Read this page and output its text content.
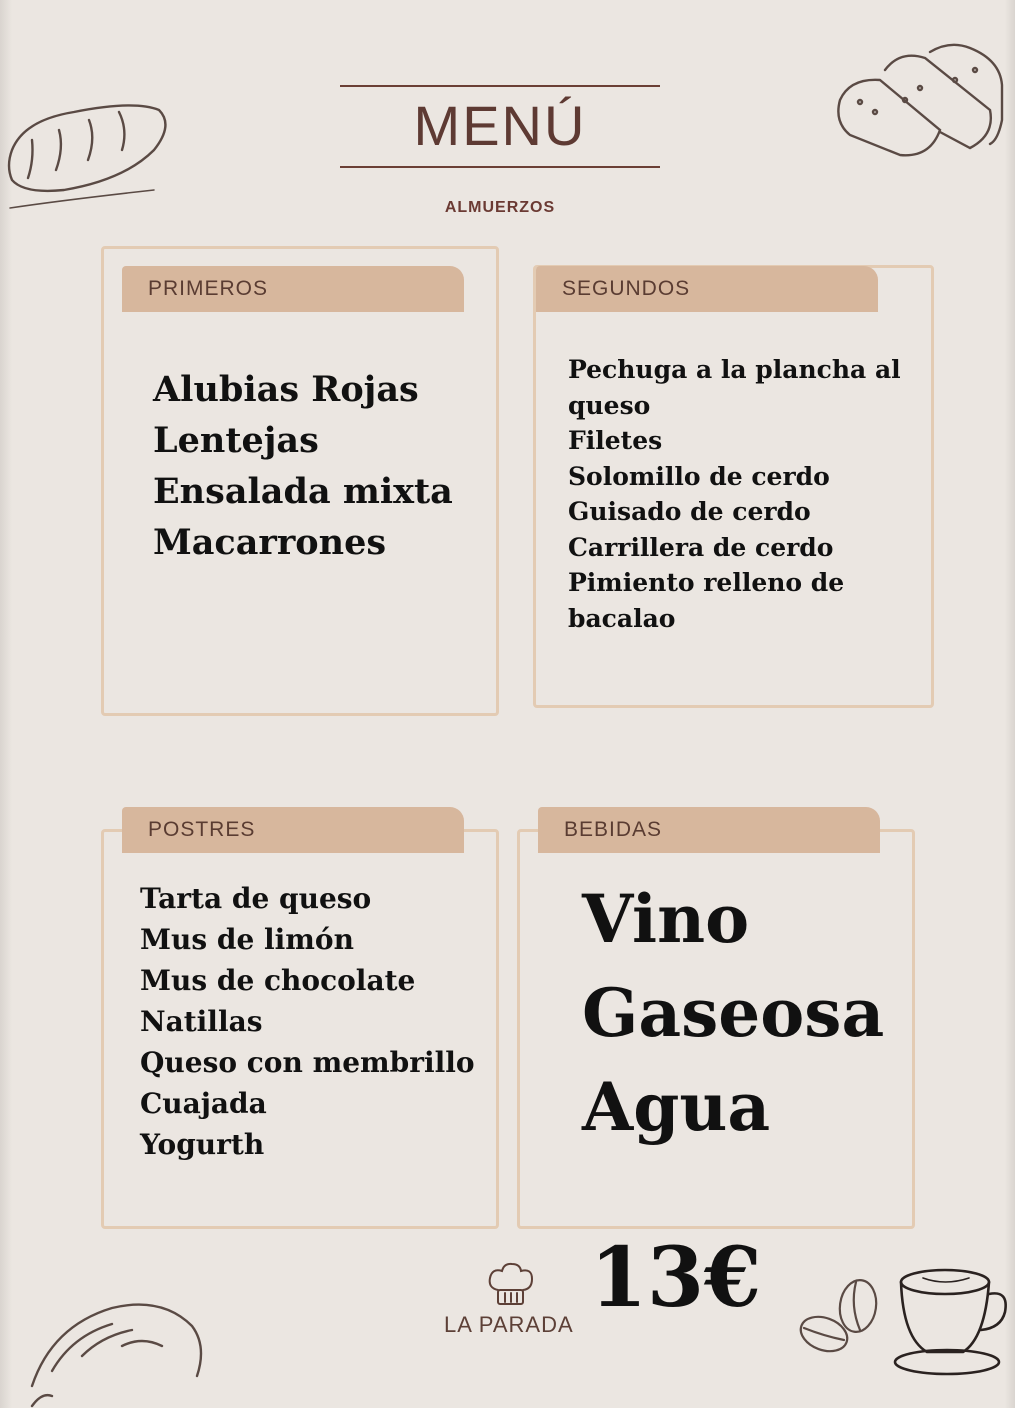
MENÚ
ALMUERZOS
PRIMEROS
Alubias Rojas
Lentejas
Ensalada mixta
Macarrones
SEGUNDOS
Pechuga a la plancha al
queso
Filetes
Solomillo de cerdo
Guisado de cerdo
Carrillera de cerdo
Pimiento relleno de
bacalao
POSTRES
Tarta de queso
Mus de limón
Mus de chocolate
Natillas
Queso con membrillo
Cuajada
Yogurth
BEBIDAS
Vino
Gaseosa
Agua
13€
LA PARADA
